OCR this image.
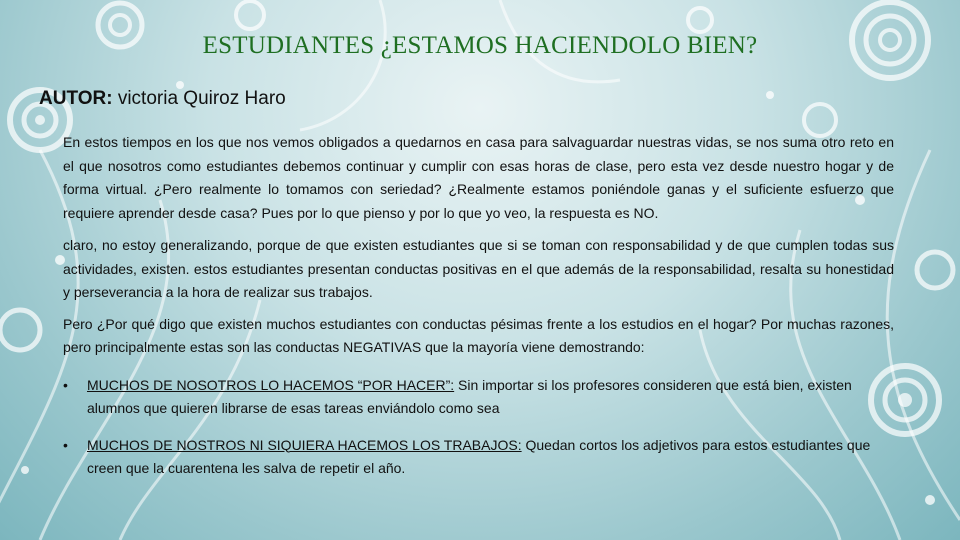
ESTUDIANTES ¿ESTAMOS HACIENDOLO BIEN?
AUTOR: victoria Quiroz Haro

En estos tiempos en los que nos vemos obligados a quedarnos en casa para salvaguardar nuestras vidas, se nos suma otro reto en el que nosotros como estudiantes debemos continuar y cumplir con esas horas de clase, pero esta vez desde nuestro hogar y de forma virtual. ¿Pero realmente lo tomamos con seriedad? ¿Realmente estamos poniéndole ganas y el suficiente esfuerzo que requiere aprender desde casa? Pues por lo que pienso y por lo que yo veo, la respuesta es NO.

claro, no estoy generalizando, porque de que existen estudiantes que si se toman con responsabilidad y de que cumplen todas sus actividades, existen. estos estudiantes presentan conductas positivas en el que además de la responsabilidad, resalta su honestidad y perseverancia a la hora de realizar sus trabajos.

Pero ¿Por qué digo que existen muchos estudiantes con conductas pésimas frente a los estudios en el hogar? Por muchas razones, pero principalmente estas son las conductas NEGATIVAS que la mayoría viene demostrando:

• MUCHOS DE NOSOTROS LO HACEMOS “POR HACER”: Sin importar si los profesores consideren que está bien, existen alumnos que quieren librarse de esas tareas enviándolo como sea
• MUCHOS DE NOSTROS NI SIQUIERA HACEMOS LOS TRABAJOS: Quedan cortos los adjetivos para estos estudiantes que creen que la cuarentena les salva de repetir el año.
